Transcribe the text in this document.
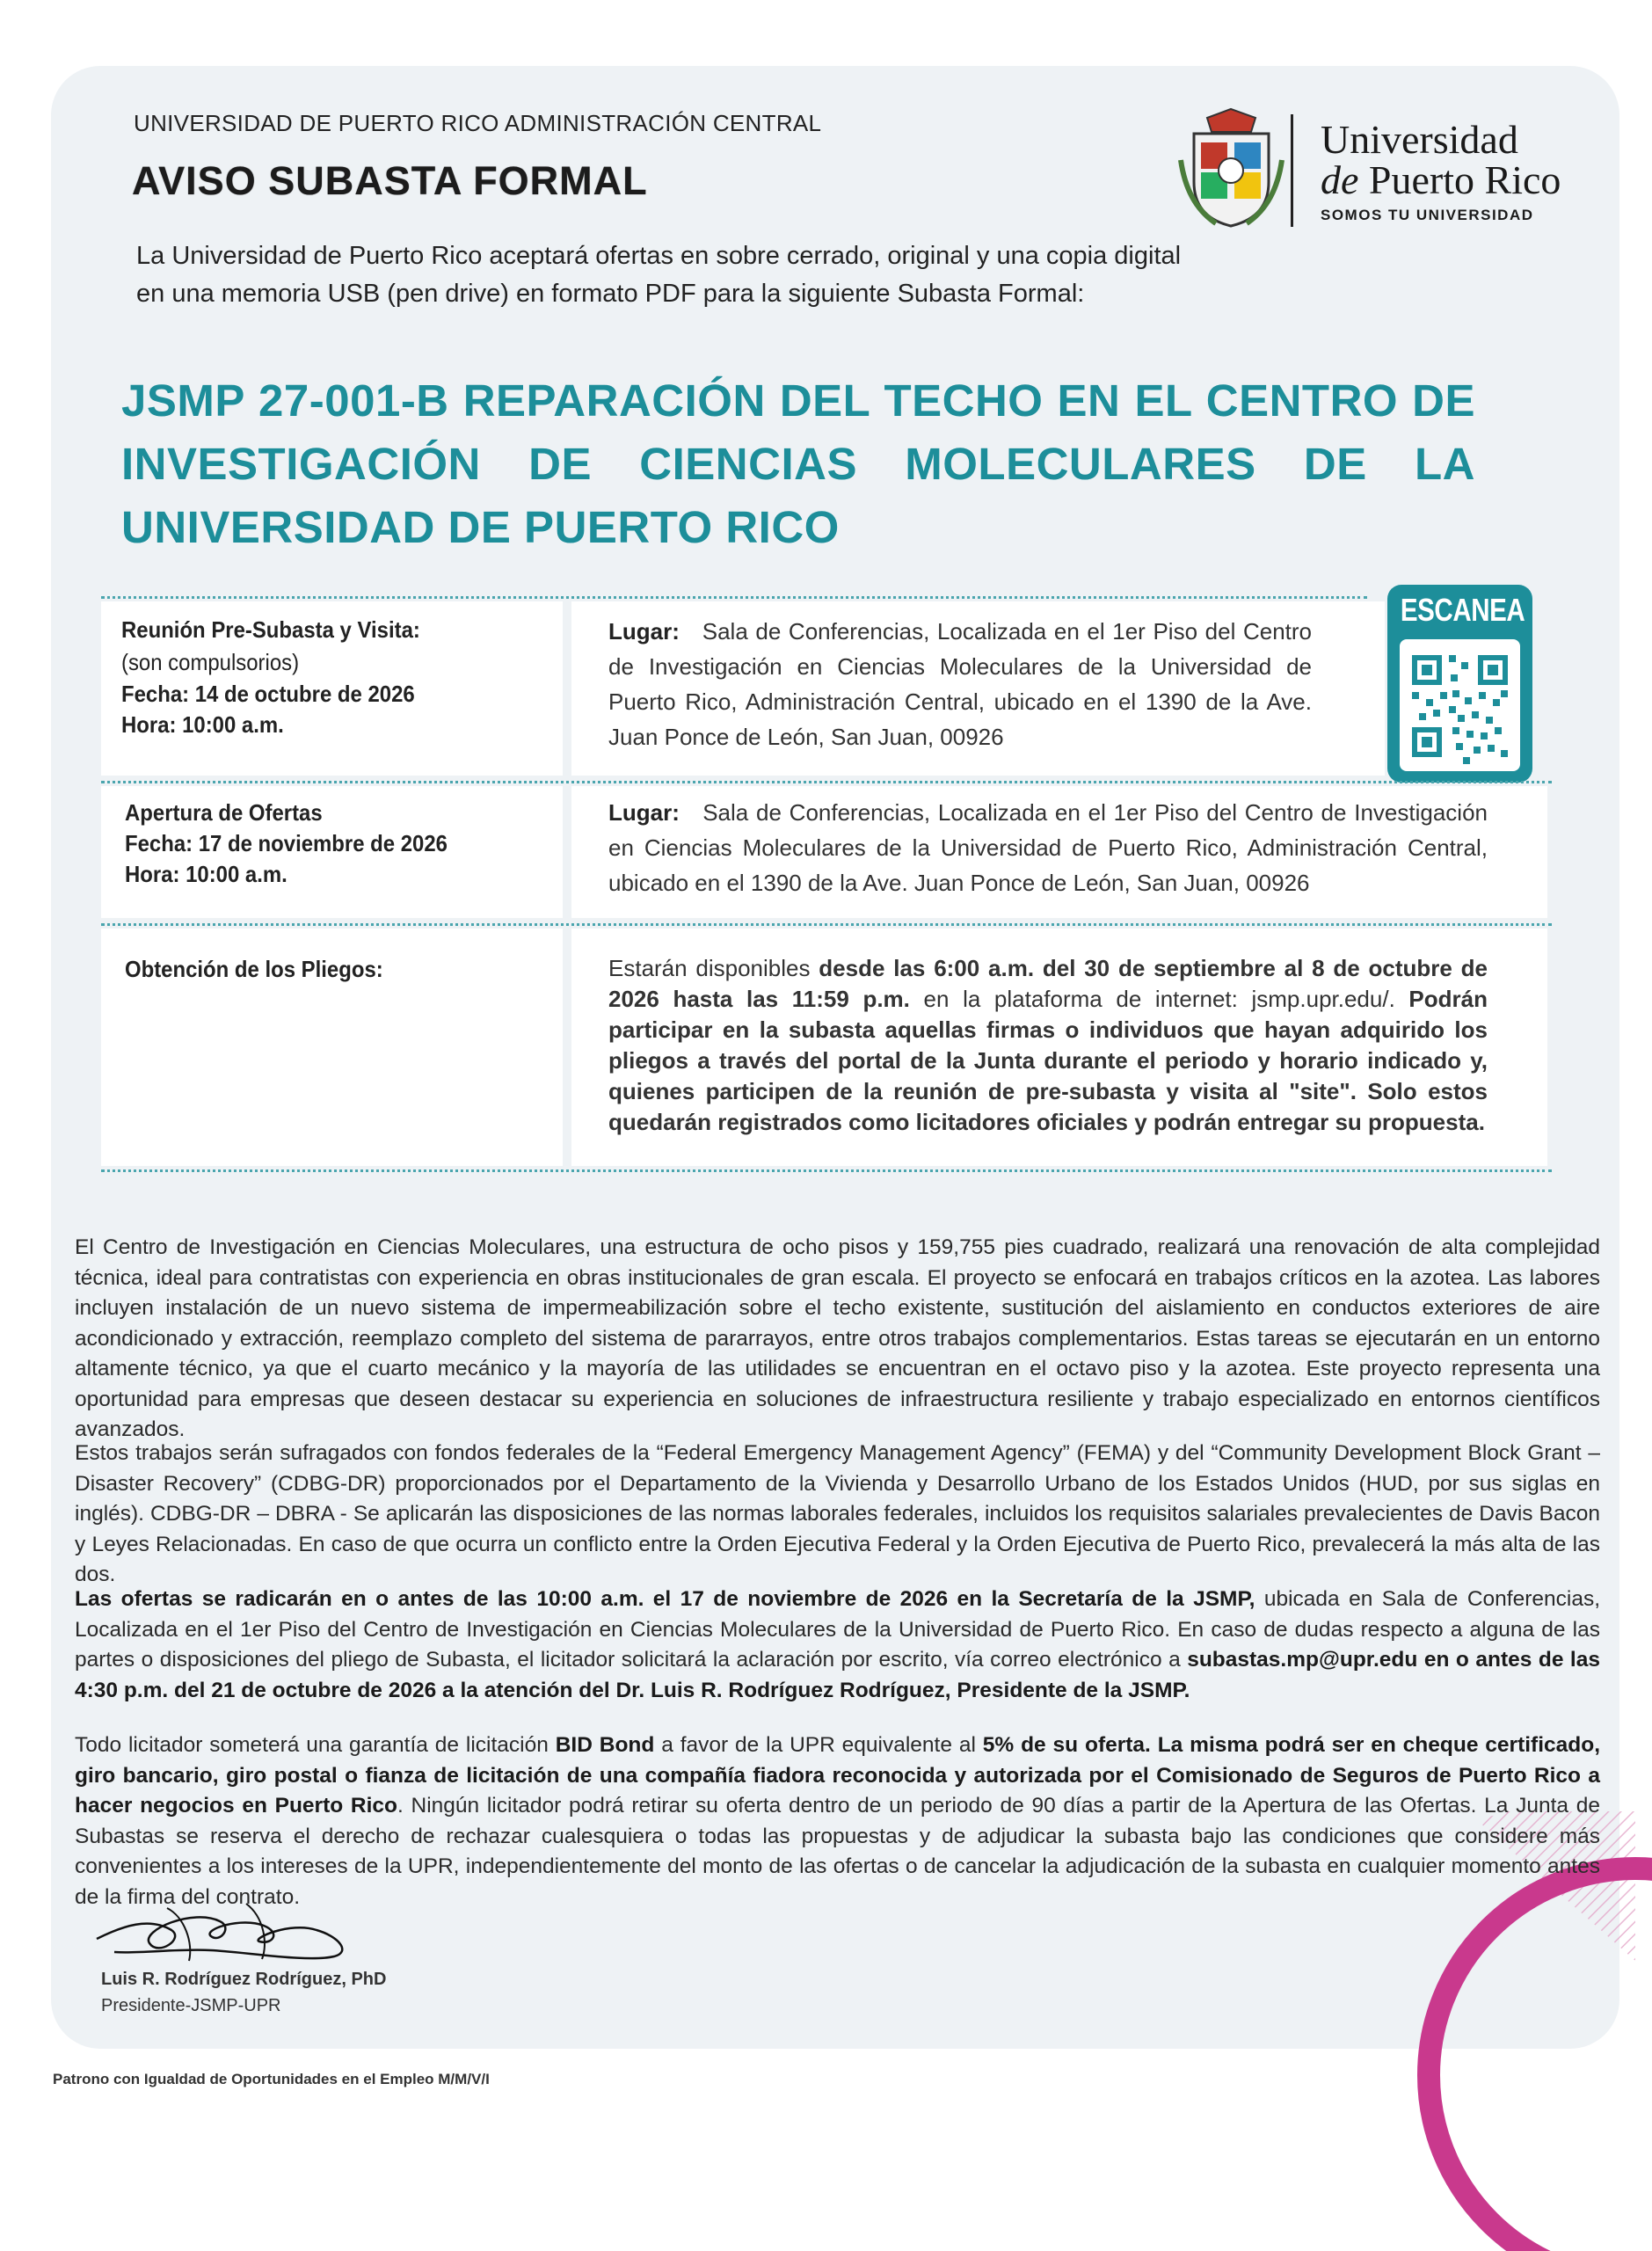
UNIVERSIDAD DE PUERTO RICO ADMINISTRACIÓN CENTRAL
AVISO SUBASTA FORMAL
La Universidad de Puerto Rico aceptará ofertas en sobre cerrado, original y una copia digital en una memoria USB (pen drive) en formato PDF para la siguiente Subasta Formal:
Universidad
de Puerto Rico
SOMOS TU UNIVERSIDAD
JSMP 27-001-B REPARACIÓN DEL TECHO EN EL CENTRO DE INVESTIGACIÓN DE CIENCIAS MOLECULARES DE LA UNIVERSIDAD DE PUERTO RICO
ESCANEA
Reunión Pre-Subasta y Visita:
(son compulsorios)
Fecha: 14 de octubre de 2026
Hora: 10:00 a.m.
Lugar: Sala de Conferencias, Localizada en el 1er Piso del Centro de Investigación en Ciencias Moleculares de la Universidad de Puerto Rico, Administración Central, ubicado en el 1390 de la Ave. Juan Ponce de León, San Juan, 00926
Apertura de Ofertas
Fecha: 17 de noviembre de 2026
Hora: 10:00 a.m.
Lugar: Sala de Conferencias, Localizada en el 1er Piso del Centro de Investigación en Ciencias Moleculares de la Universidad de Puerto Rico, Administración Central, ubicado en el 1390 de la Ave. Juan Ponce de León, San Juan, 00926
Obtención de los Pliegos:	Estarán disponibles desde las 6:00 a.m. del 30 de septiembre al 8 de octubre de 2026 hasta las 11:59 p.m. en la plataforma de internet: jsmp.upr.edu/. Podrán participar en la subasta aquellas firmas o individuos que hayan adquirido los pliegos a través del portal de la Junta durante el periodo y horario indicado y, quienes participen de la reunión de pre-subasta y visita al "site". Solo estos quedarán registrados como licitadores oficiales y podrán entregar su propuesta.
El Centro de Investigación en Ciencias Moleculares, una estructura de ocho pisos y 159,755 pies cuadrado, realizará una renovación de alta complejidad técnica, ideal para contratistas con experiencia en obras institucionales de gran escala. El proyecto se enfocará en trabajos críticos en la azotea. Las labores incluyen instalación de un nuevo sistema de impermeabilización sobre el techo existente, sustitución del aislamiento en conductos exteriores de aire acondicionado y extracción, reemplazo completo del sistema de pararrayos, entre otros trabajos complementarios. Estas tareas se ejecutarán en un entorno altamente técnico, ya que el cuarto mecánico y la mayoría de las utilidades se encuentran en el octavo piso y la azotea. Este proyecto representa una oportunidad para empresas que deseen destacar su experiencia en soluciones de infraestructura resiliente y trabajo especializado en entornos científicos avanzados.
Estos trabajos serán sufragados con fondos federales de la “Federal Emergency Management Agency” (FEMA) y del “Community Development Block Grant – Disaster Recovery” (CDBG-DR) proporcionados por el Departamento de la Vivienda y Desarrollo Urbano de los Estados Unidos (HUD, por sus siglas en inglés). CDBG-DR – DBRA - Se aplicarán las disposiciones de las normas laborales federales, incluidos los requisitos salariales prevalecientes de Davis Bacon y Leyes Relacionadas. En caso de que ocurra un conflicto entre la Orden Ejecutiva Federal y la Orden Ejecutiva de Puerto Rico, prevalecerá la más alta de las dos.
Las ofertas se radicarán en o antes de las 10:00 a.m. el 17 de noviembre de 2026 en la Secretaría de la JSMP, ubicada en Sala de Conferencias, Localizada en el 1er Piso del Centro de Investigación en Ciencias Moleculares de la Universidad de Puerto Rico. En caso de dudas respecto a alguna de las partes o disposiciones del pliego de Subasta, el licitador solicitará la aclaración por escrito, vía correo electrónico a subastas.mp@upr.edu en o antes de las 4:30 p.m. del 21 de octubre de 2026 a la atención del Dr. Luis R. Rodríguez Rodríguez, Presidente de la JSMP.
Todo licitador someterá una garantía de licitación BID Bond a favor de la UPR equivalente al 5% de su oferta. La misma podrá ser en cheque certificado, giro bancario, giro postal o fianza de licitación de una compañía fiadora reconocida y autorizada por el Comisionado de Seguros de Puerto Rico a hacer negocios en Puerto Rico. Ningún licitador podrá retirar su oferta dentro de un periodo de 90 días a partir de la Apertura de las Ofertas. La Junta de Subastas se reserva el derecho de rechazar cualesquiera o todas las propuestas y de adjudicar la subasta bajo las condiciones que considere más convenientes a los intereses de la UPR, independientemente del monto de las ofertas o de cancelar la adjudicación de la subasta en cualquier momento antes de la firma del contrato.
Luis R. Rodríguez Rodríguez, PhD
Presidente-JSMP-UPR
Patrono con Igualdad de Oportunidades en el Empleo M/M/V/I
